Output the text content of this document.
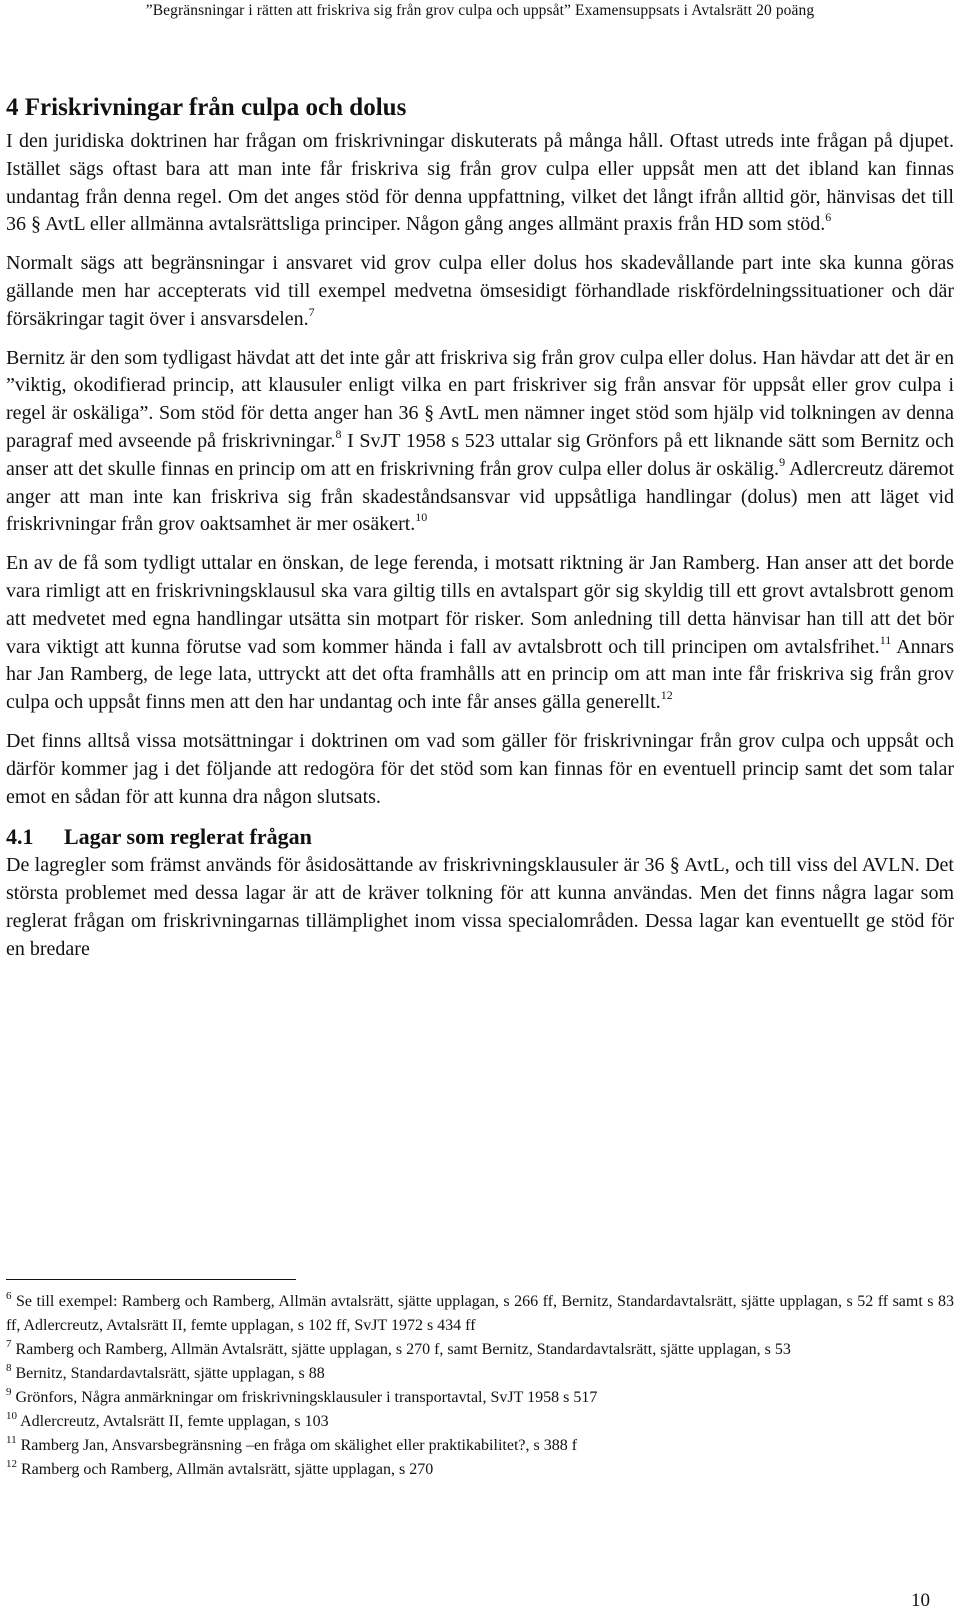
”Begränsningar i rätten att friskriva sig från grov culpa och uppsåt” Examensuppsats i Avtalsrätt 20 poäng
4 Friskrivningar från culpa och dolus

I den juridiska doktrinen har frågan om friskrivningar diskuterats på många håll. Oftast utreds inte frågan på djupet. Istället sägs oftast bara att man inte får friskriva sig från grov culpa eller uppsåt men att det ibland kan finnas undantag från denna regel. Om det anges stöd för denna uppfattning, vilket det långt ifrån alltid gör, hänvisas det till 36 § AvtL eller allmänna avtalsrättsliga principer. Någon gång anges allmänt praxis från HD som stöd.$^6$

Normalt sägs att begränsningar i ansvaret vid grov culpa eller dolus hos skadevållande part inte ska kunna göras gällande men har accepterats vid till exempel medvetna ömsesidigt förhandlade riskfördelningssituationer och där försäkringar tagit över i ansvarsdelen.$^7$

Bernitz är den som tydligast hävdat att det inte går att friskriva sig från grov culpa eller dolus. Han hävdar att det är en ”viktig, okodifierad princip, att klausuler enligt vilka en part friskriver sig från ansvar för uppsåt eller grov culpa i regel är oskäliga”. Som stöd för detta anger han 36 § AvtL men nämner inget stöd som hjälp vid tolkningen av denna paragraf med avseende på friskrivningar.$^8$ I SvJT 1958 s 523 uttalar sig Grönfors på ett liknande sätt som Bernitz och anser att det skulle finnas en princip om att en friskrivning från grov culpa eller dolus är oskälig.$^9$ Adlercreutz däremot anger att man inte kan friskriva sig från skadeståndsansvar vid uppsåtliga handlingar (dolus) men att läget vid friskrivningar från grov oaktsamhet är mer osäkert.$^{10}$

En av de få som tydligt uttalar en önskan, de lege ferenda, i motsatt riktning är Jan Ramberg. Han anser att det borde vara rimligt att en friskrivningsklausul ska vara giltig tills en avtalspart gör sig skyldig till ett grovt avtalsbrott genom att medvetet med egna handlingar utsätta sin motpart för risker. Som anledning till detta hänvisar han till att det bör vara viktigt att kunna förutse vad som kommer hända i fall av avtalsbrott och till principen om avtalsfrihet.$^{11}$ Annars har Jan Ramberg, de lege lata, uttryckt att det ofta framhålls att en princip om att man inte får friskriva sig från grov culpa och uppsåt finns men att den har undantag och inte får anses gälla generellt.$^{12}$

Det finns alltså vissa motsättningar i doktrinen om vad som gäller för friskrivningar från grov culpa och uppsåt och därför kommer jag i det följande att redogöra för det stöd som kan finnas för en eventuell princip samt det som talar emot en sådan för att kunna dra någon slutsats.

4.1 Lagar som reglerat frågan

De lagregler som främst används för åsidosättande av friskrivningsklausuler är 36 § AvtL, och till viss del AVLN. Det största problemet med dessa lagar är att de kräver tolkning för att kunna användas. Men det finns några lagar som reglerat frågan om friskrivningarnas tillämplighet inom vissa specialområden. Dessa lagar kan eventuellt ge stöd för en bredare

$^6$ Se till exempel: Ramberg och Ramberg, Allmän avtalsrätt, sjätte upplagan, s 266 ff, Bernitz, Standardavtalsrätt, sjätte upplagan, s 52 ff samt s 83 ff, Adlercreutz, Avtalsrätt II, femte upplagan, s 102 ff, SvJT 1972 s 434 ff

$^7$ Ramberg och Ramberg, Allmän Avtalsrätt, sjätte upplagan, s 270 f, samt Bernitz, Standardavtalsrätt, sjätte upplagan, s 53

$^8$ Bernitz, Standardavtalsrätt, sjätte upplagan, s 88

$^9$ Grönfors, Några anmärkningar om friskrivningsklausuler i transportavtal, SvJT 1958 s 517

$^{10}$ Adlercreutz, Avtalsrätt II, femte upplagan, s 103

$^{11}$ Ramberg Jan, Ansvarsbegränsning –en fråga om skälighet eller praktikabilitet?, s 388 f

$^{12}$ Ramberg och Ramberg, Allmän avtalsrätt, sjätte upplagan, s 270

10
